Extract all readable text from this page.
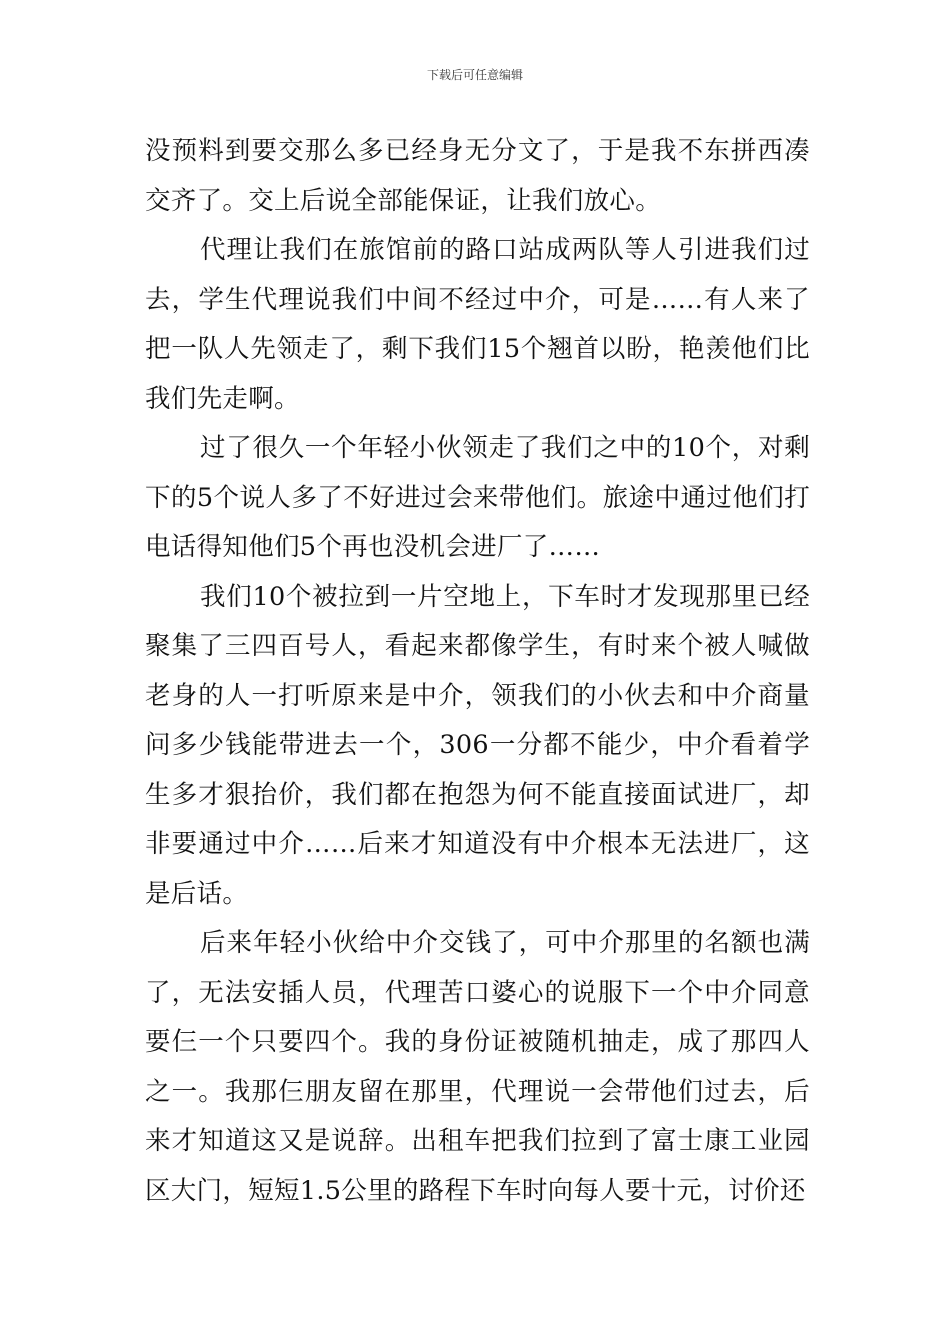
下载后可任意编辑

没预料到要交那么多已经身无分文了，于是我不东拼西凑交齐了。交上后说全部能保证，让我们放心。

代理让我们在旅馆前的路口站成两队等人引进我们过去，学生代理说我们中间不经过中介，可是……有人来了把一队人先领走了，剩下我们15个翘首以盼，艳羡他们比我们先走啊。

过了很久一个年轻小伙领走了我们之中的10个，对剩下的5个说人多了不好进过会来带他们。旅途中通过他们打电话得知他们5个再也没机会进厂了……

我们10个被拉到一片空地上，下车时才发现那里已经聚集了三四百号人，看起来都像学生，有时来个被人喊做老身的人一打听原来是中介，领我们的小伙去和中介商量问多少钱能带进去一个，306一分都不能少，中介看着学生多才狠抬价，我们都在抱怨为何不能直接面试进厂，却非要通过中介……后来才知道没有中介根本无法进厂，这是后话。

后来年轻小伙给中介交钱了，可中介那里的名额也满了，无法安插人员，代理苦口婆心的说服下一个中介同意要仨一个只要四个。我的身份证被随机抽走，成了那四人之一。我那仨朋友留在那里，代理说一会带他们过去，后来才知道这又是说辞。出租车把我们拉到了富士康工业园区大门，短短1.5公里的路程下车时向每人要十元，讨价还
